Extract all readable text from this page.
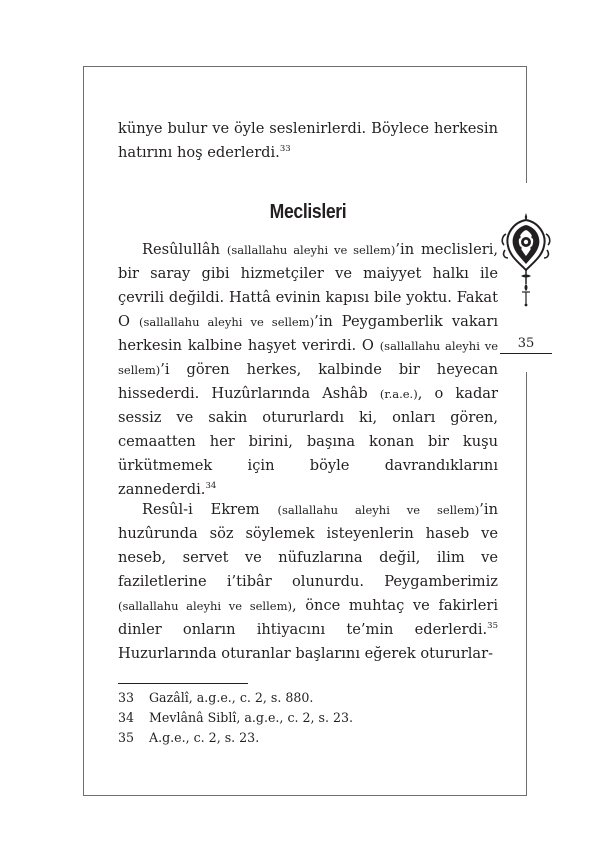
35

künye bulur ve öyle seslenirlerdi. Böylece herkesin hatırını hoş ederlerdi.$^{33}$

Meclisleri

Resûlullâh (sallallahu aleyhi ve sellem)’in meclisleri, bir saray gibi hizmetçiler ve maiyyet halkı ile çevrili değildi. Hattâ evinin kapısı bile yoktu. Fakat O (sallallahu aleyhi ve sellem)’in Peygamberlik vakarı herkesin kalbine haşyet verirdi. O (sallallahu aleyhi ve sellem)’i gören herkes, kalbinde bir heyecan hissederdi. Huzûrlarında Ashâb (r.a.e.), o kadar sessiz ve sakin otururlardı ki, onları gören, cemaatten her birini, başına konan bir kuşu ürkütmemek için böyle davrandıklarını zannederdi.$^{34}$

Resûl-i Ekrem (sallallahu aleyhi ve sellem)’in huzûrunda söz söylemek isteyenlerin haseb ve neseb, servet ve nüfuzlarına değil, ilim ve faziletlerine i’tibâr olunurdu. Peygamberimiz (sallallahu aleyhi ve sellem), önce muhtaç ve fakirleri dinler onların ihtiyacını te’min ederlerdi.$^{35}$ Huzurlarında oturanlar başlarını eğerek otururlar-

33	Gazâlî, a.g.e., c. 2, s. 880.
34	Mevlânâ Siblî, a.g.e., c. 2, s. 23.
35	A.g.e., c. 2, s. 23.
